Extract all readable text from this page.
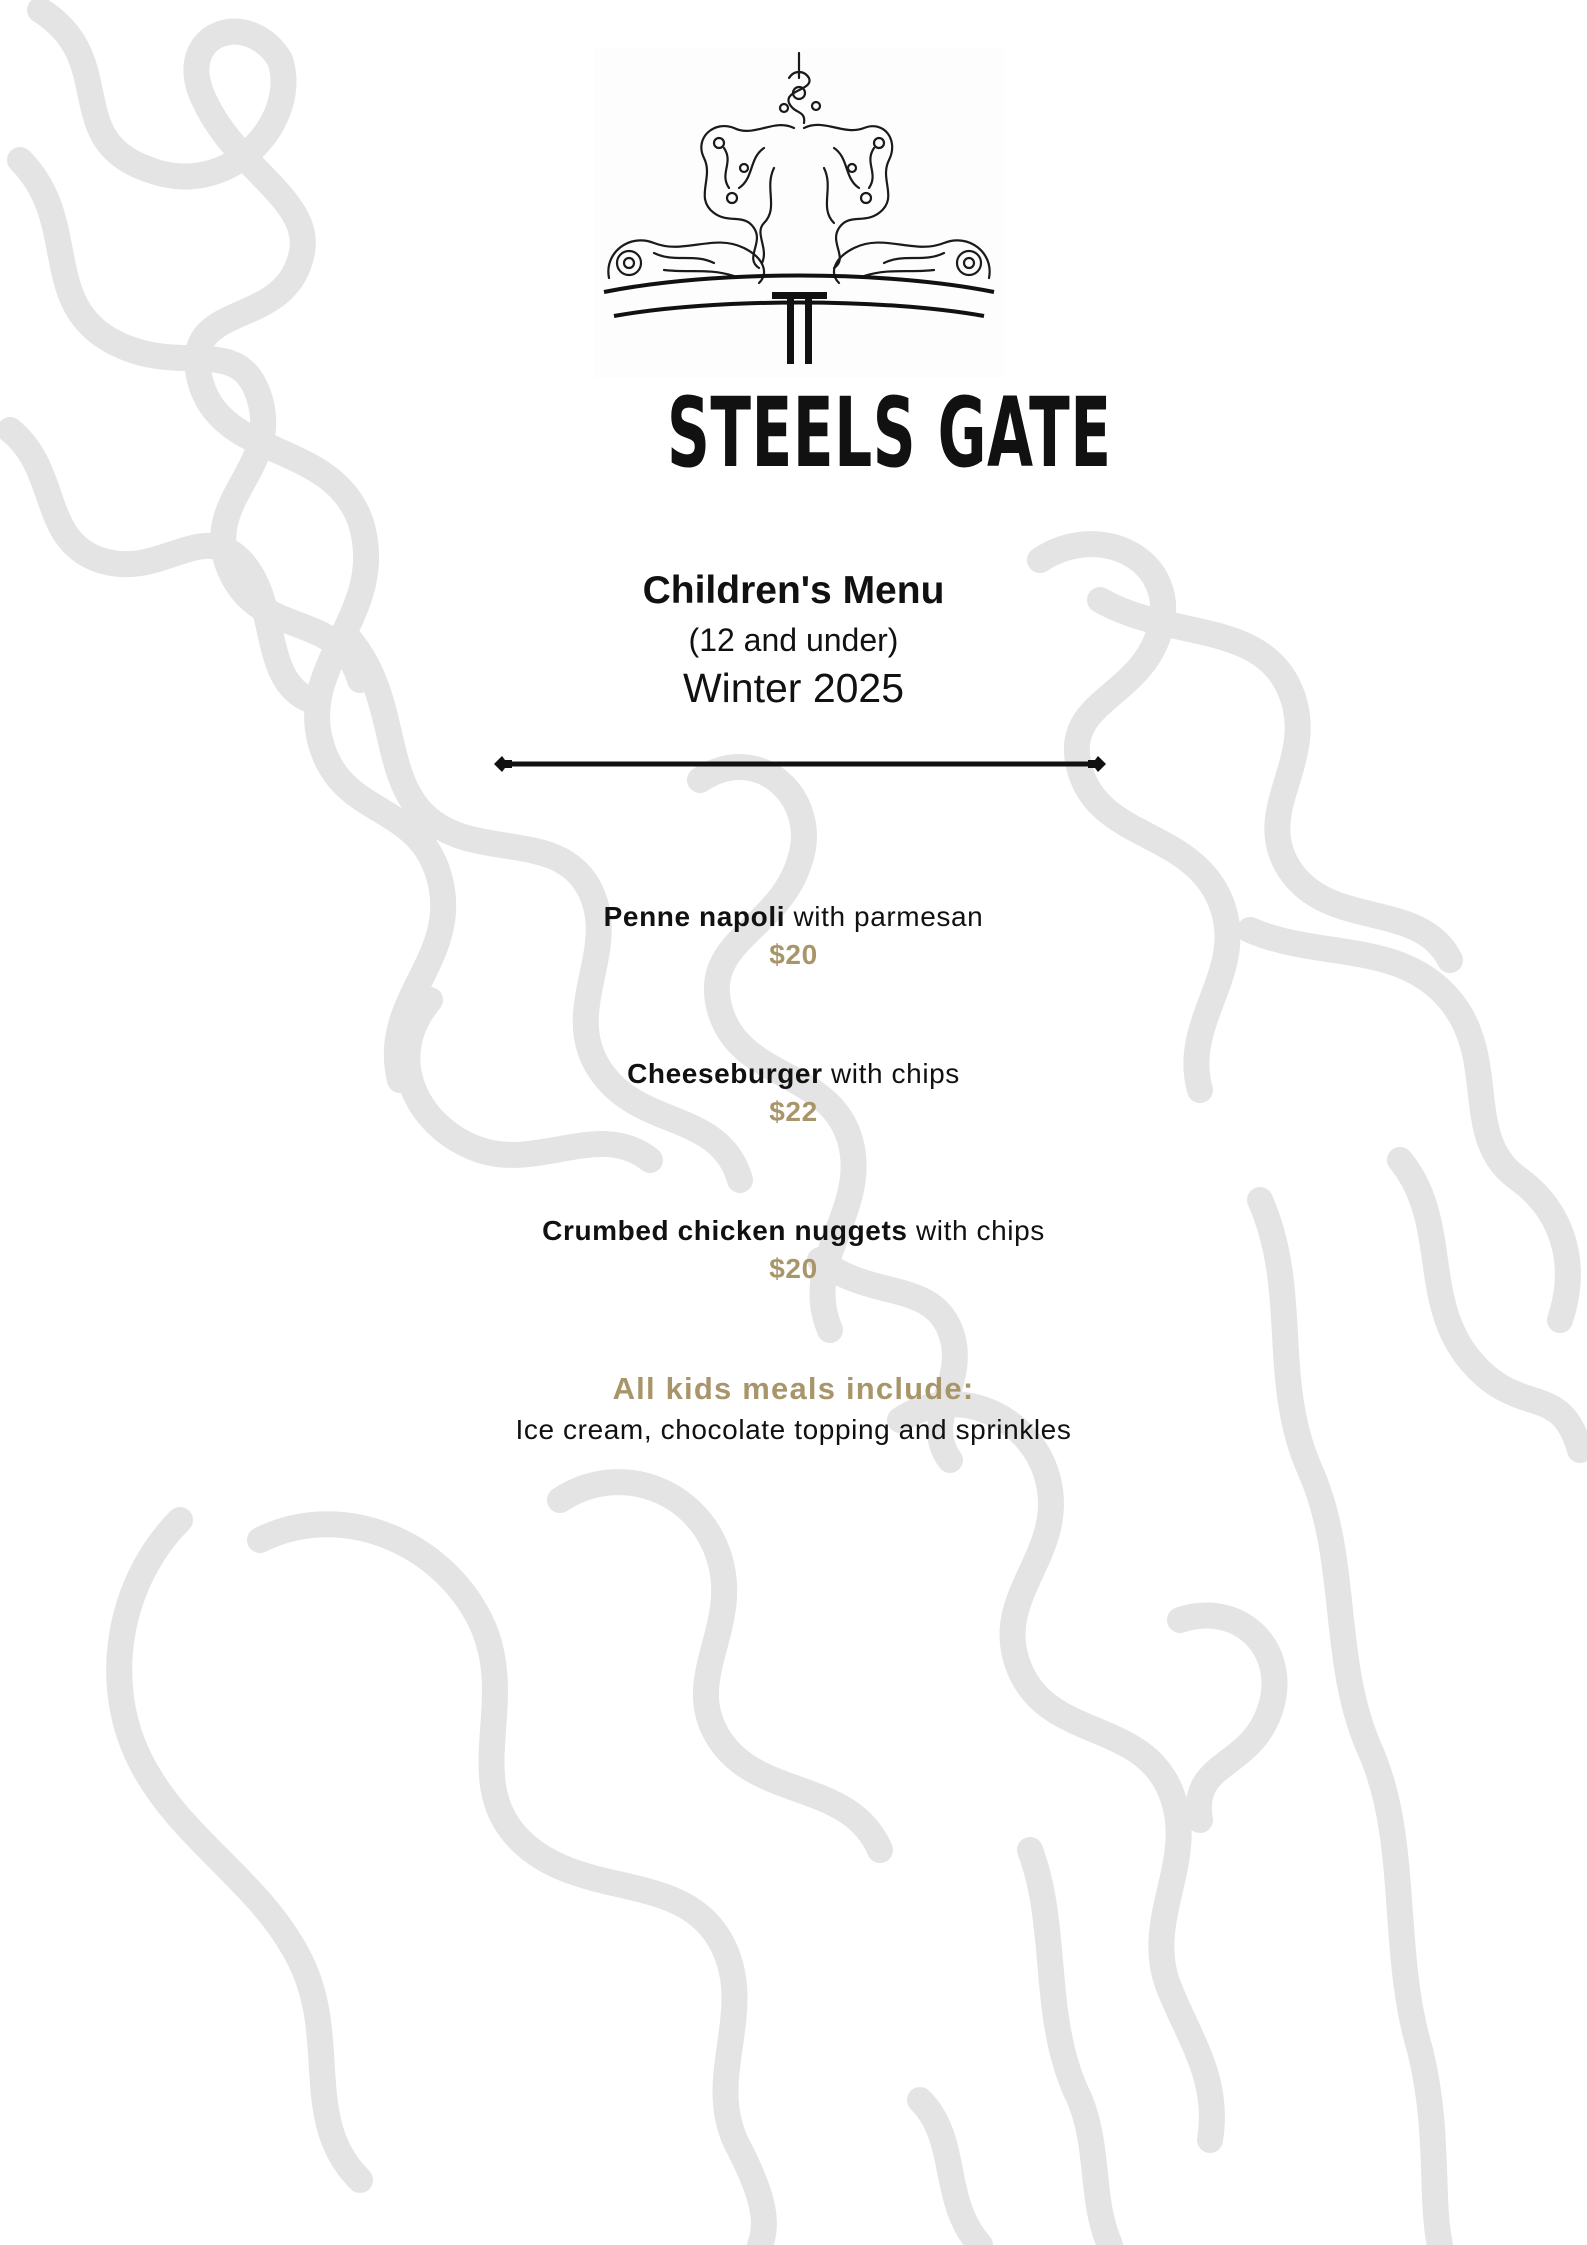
STEELS GATE
Children's Menu
(12 and under)
Winter 2025
Penne napoli with parmesan
$20
Cheeseburger with chips
$22
Crumbed chicken nuggets with chips
$20
All kids meals include:
Ice cream, chocolate topping and sprinkles
